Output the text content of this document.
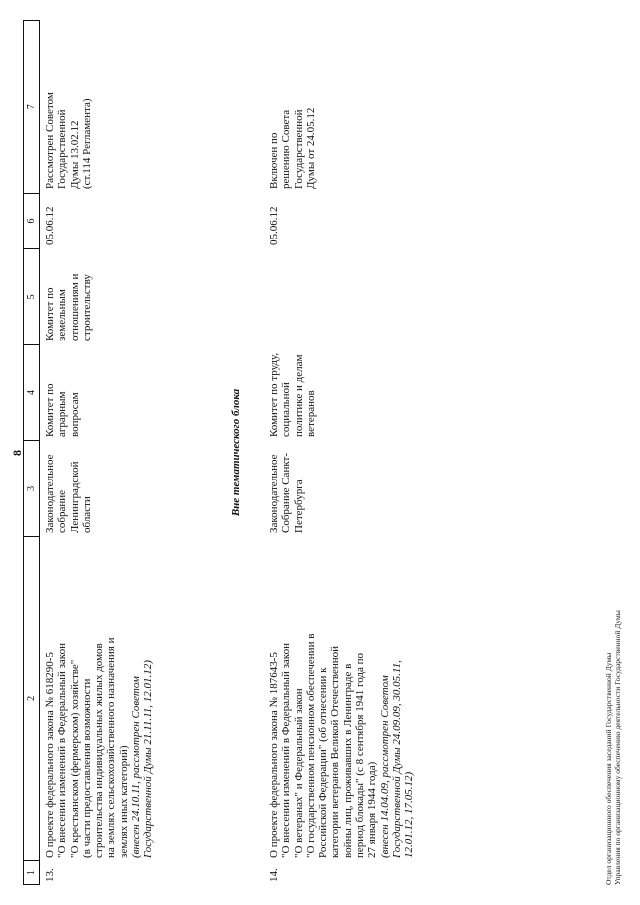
8
1
2
3
4
5
6
7
13.
О проекте федерального закона № 618290-5 "О внесении изменений в Федеральный закон "О крестьянском (фермерском) хозяйстве" (в части предоставления возможности строительства индивидуальных жилых домов на землях сельскохозяйственного назначения и землях иных категорий) (внесен 24.10.11, рассмотрен Советом Государственной Думы 21.11.11, 12.01.12)
Законодательное собрание Ленинградской области
Комитет по аграрным вопросам
Комитет по земельным отношениям и строительству
05.06.12
Рассмотрен Советом Государственной Думы 13.02.12 (ст.114 Регламента)
Вне тематического блока
14.
О проекте федерального закона № 187643-5 "О внесении изменений в Федеральный закон "О ветеранах" и Федеральный закон "О государственном пенсионном обеспечении в Российской Федерации" (об отнесении к категории ветеранов Великой Отечественной войны лиц, проживавших в Ленинграде в период блокады" (с 8 сентября 1941 года по 27 января 1944 года) (внесен 14.04.09, рассмотрен Советом Государственной Думы 24.09.09, 30.05.11, 12.01.12, 17.05.12)
Законодательное Собрание Санкт- Петербурга
Комитет по труду, социальной политике и делам ветеранов
05.06.12
Включен по решению Совета Государственной Думы от 24.05.12
Отдел организационного обеспечения заседаний Государственной Думы Управления по организационному обеспечению деятельности Государственной Думы
